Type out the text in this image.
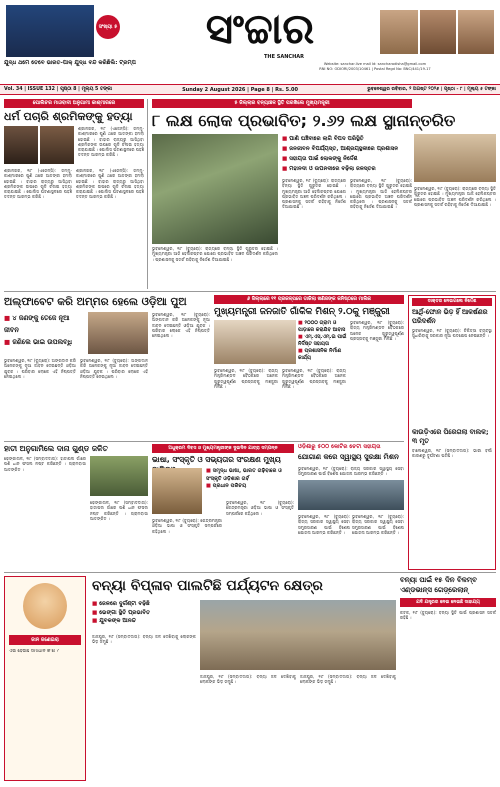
ସଂଖ୍ୟା ୫
ଯୁଦ୍ଧ ଥମେ ତେବେ ଭାରତ-ପାକ୍ ଯୁଦ୍ଧ ବନ୍ଦ କରିଛିଲି: ଟ୍ରମ୍ପ
ସଂଚ୍ଚାର
THE SANCHAR
Website: sanchar.live mail Id: sancharodisha@gmail.com
RNI NO: ODIORI/2003/10461 | Postal Regd No: BNC/441/19-17
Vol. 34 | ISSUE 132 | ପୃଷ୍ଠା 8 | ମୂଲ୍ୟ 5 ଟଙ୍କା	Sunday 2 August 2026 | Page 8 | Rs. 5.00	ଭୁବନେଶ୍ୱର ରବିବାର, ୨ ଅଗଷ୍ଟ ୨୦୨୬ | ପୃଷ୍ଠା - ୮ | ମୂଲ୍ୟ ୫ ଟଙ୍କା
ପୋଲିଚର ମାଓବାଦୀ ଅନୁଗାମୀ କାଶ୍ମୀରରେ
ଧର୍ମ ପଚାରି ଶ୍ରମିକଙ୍କୁ ହତ୍ୟା
ଶ୍ରୀନଗର, ୧ା୮ (ଏଜେନ୍ସି): ଜମ୍ମୁ-କାଶ୍ମୀରରେ ପୁଣି ଥରେ ଆତଙ୍କୀ ହମଲା ହୋଇଛି । ବାହାର ରାଜ୍ୟରୁ ଆସିଥିବା ଶ୍ରମିକଙ୍କ ଉପରେ ଗୁଳି ଚଳାଇ ହତ୍ୟା କରାଯାଇଛି । ପୋଲିସ ଘଟଣାସ୍ଥଳରେ ପହଞ୍ଚି ତଦନ୍ତ ଆରମ୍ଭ କରିଛି ।
ଶ୍ରୀନଗର, ୧ା୮ (ଏଜେନ୍ସି): ଜମ୍ମୁ-କାଶ୍ମୀରରେ ପୁଣି ଥରେ ଆତଙ୍କୀ ହମଲା ହୋଇଛି । ବାହାର ରାଜ୍ୟରୁ ଆସିଥିବା ଶ୍ରମିକଙ୍କ ଉପରେ ଗୁଳି ଚଳାଇ ହତ୍ୟା କରାଯାଇଛି । ପୋଲିସ ଘଟଣାସ୍ଥଳରେ ପହଞ୍ଚି ତଦନ୍ତ ଆରମ୍ଭ କରିଛି ।
ଶ୍ରୀନଗର, ୧ା୮ (ଏଜେନ୍ସି): ଜମ୍ମୁ-କାଶ୍ମୀରରେ ପୁଣି ଥରେ ଆତଙ୍କୀ ହମଲା ହୋଇଛି । ବାହାର ରାଜ୍ୟରୁ ଆସିଥିବା ଶ୍ରମିକଙ୍କ ଉପରେ ଗୁଳି ଚଳାଇ ହତ୍ୟା କରାଯାଇଛି । ପୋଲିସ ଘଟଣାସ୍ଥଳରେ ପହଞ୍ଚି ତଦନ୍ତ ଆରମ୍ଭ କରିଛି ।
୫ ଜିଲ୍ଲାର ବନ୍ୟାଞ୍ଚଳ ସ୍ଥିତି ପରଖିଲେ ମୁଖ୍ୟମନ୍ତ୍ରୀ
୮ ଲକ୍ଷ ଲୋକ ପ୍ରଭାବିତ; ୨.୬୨ ଲକ୍ଷ ସ୍ଥାନାନ୍ତରିତ
■ ପାଣି ଘଞ୍ଚିବାରେ ଲାଗି ବିପଦ ପରିସ୍ଥିତି
■ ଜନଜୀବନ ବିପର୍ଯ୍ୟସ୍ତ, ଆଶ୍ରୟସ୍ଥଳୀରେ ପ୍ରଶାସନ
■ ସହାୟତା ପାଇଁ ଲୋକଙ୍କୁ ନିର୍ଦ୍ଦେଶ
■ ମହାନଦୀ ଓ ଉପନଦୀରେ ବଢ଼ିଲା ଜଳସ୍ତର
ଭୁବନେଶ୍ୱର, ୧ା୮ (ବ୍ୟୁରୋ): ରାଜ୍ୟରେ ବନ୍ୟା ସ୍ଥିତି ଗୁରୁତର ହୋଇଛି । ମୁଖ୍ୟମନ୍ତ୍ରୀ ଆଜି ହେଲିକପ୍ଟର ଯୋଗେ ପ୍ରଭାବିତ ଅଞ୍ଚଳ ପରିଦର୍ଶନ କରିଥିଲେ । ପ୍ରଶାସନକୁ ସତର୍କ ରହିବାକୁ ନିର୍ଦ୍ଦେଶ ଦିଆଯାଇଛି ।
ଭୁବନେଶ୍ୱର, ୧ା୮ (ବ୍ୟୁରୋ): ରାଜ୍ୟରେ ବନ୍ୟା ସ୍ଥିତି ଗୁରୁତର ହୋଇଛି । ମୁଖ୍ୟମନ୍ତ୍ରୀ ଆଜି ହେଲିକପ୍ଟର ଯୋଗେ ପ୍ରଭାବିତ ଅଞ୍ଚଳ ପରିଦର୍ଶନ କରିଥିଲେ । ପ୍ରଶାସନକୁ ସତର୍କ ରହିବାକୁ ନିର୍ଦ୍ଦେଶ ଦିଆଯାଇଛି ।
ଭୁବନେଶ୍ୱର, ୧ା୮ (ବ୍ୟୁରୋ): ରାଜ୍ୟରେ ବନ୍ୟା ସ୍ଥିତି ଗୁରୁତର ହୋଇଛି । ମୁଖ୍ୟମନ୍ତ୍ରୀ ଆଜି ହେଲିକପ୍ଟର ଯୋଗେ ପ୍ରଭାବିତ ଅଞ୍ଚଳ ପରିଦର୍ଶନ କରିଥିଲେ । ପ୍ରଶାସନକୁ ସତର୍କ ରହିବାକୁ ନିର୍ଦ୍ଦେଶ ଦିଆଯାଇଛି ।
ଭୁବନେଶ୍ୱର, ୧ା୮ (ବ୍ୟୁରୋ): ରାଜ୍ୟରେ ବନ୍ୟା ସ୍ଥିତି ଗୁରୁତର ହୋଇଛି । ମୁଖ୍ୟମନ୍ତ୍ରୀ ଆଜି ହେଲିକପ୍ଟର ଯୋଗେ ପ୍ରଭାବିତ ଅଞ୍ଚଳ ପରିଦର୍ଶନ କରିଥିଲେ । ପ୍ରଶାସନକୁ ସତର୍କ ରହିବାକୁ ନିର୍ଦ୍ଦେଶ ଦିଆଯାଇଛି ।
ଅଲ୍ଫାବେଟ କରି ଅମ୍ମର ହେଲେ ଓଡ଼ିଆ ପୁଅ
■ ୪ ଜଣଙ୍କୁ ତେଜେ ନୂଆ ଜୀବନ
■ ଜଣିଲେ ଭାଇ ଉପଲବ୍ଧି
ଭୁବନେଶ୍ୱର, ୧ା୮ (ବ୍ୟୁରୋ): ଅଙ୍ଗଦାନ କରି ଅନେକଙ୍କୁ ନୂଆ ଜୀବନ ଦେଇଛନ୍ତି ଓଡ଼ିଆ ଯୁବକ । ପରିବାର ଲୋକେ ଏହି ନିଷ୍ପତ୍ତି ନେଇଥିଲେ ।
ଭୁବନେଶ୍ୱର, ୧ା୮ (ବ୍ୟୁରୋ): ଅଙ୍ଗଦାନ କରି ଅନେକଙ୍କୁ ନୂଆ ଜୀବନ ଦେଇଛନ୍ତି ଓଡ଼ିଆ ଯୁବକ । ପରିବାର ଲୋକେ ଏହି ନିଷ୍ପତ୍ତି ନେଇଥିଲେ ।
ଭୁବନେଶ୍ୱର, ୧ା୮ (ବ୍ୟୁରୋ): ଅଙ୍ଗଦାନ କରି ଅନେକଙ୍କୁ ନୂଆ ଜୀବନ ଦେଇଛନ୍ତି ଓଡ଼ିଆ ଯୁବକ । ପରିବାର ଲୋକେ ଏହି ନିଷ୍ପତ୍ତି ନେଇଥିଲେ ।
୬ ଜିଲ୍ଲାରେ ୧୧ ପ୍ରକଳ୍ପରେ ଡାକିଲା ଖଣିଜଙ୍କ କନିଷ୍ଠରେ ମାଲିକ
ମୁଖ୍ୟମନ୍ତ୍ରୀ ଜନଜାତି ଗାଁକିକ ମିଶନ୍ ୨.୦କୁ ମଞ୍ଜୁରୀ
■ ୨୦୦୦ ଗ୍ରାମ ଓ ପାଡ଼ାରେ କରାଯିବ ଆବାସ
■ ଏମ୍.ଏସ୍.ଏମ୍.ଇ ପାଇଁ ନିର୍ଦ୍ଦିଷ୍ଟ ସହାୟତା
■ ପ୍ରଶାସନିକ ନିର୍ମାଣ କାର୍ଯ୍ୟ
ଭୁବନେଶ୍ୱର, ୧ା୮ (ବ୍ୟୁରୋ): ରାଜ୍ୟ ମନ୍ତ୍ରିମଣ୍ଡଳ ବୈଠକରେ ଅନେକ ଗୁରୁତ୍ୱପୂର୍ଣ୍ଣ ପ୍ରସ୍ତାବକୁ ମଞ୍ଜୁରୀ ମିଳିଛି ।
ଭୁବନେଶ୍ୱର, ୧ା୮ (ବ୍ୟୁରୋ): ରାଜ୍ୟ ମନ୍ତ୍ରିମଣ୍ଡଳ ବୈଠକରେ ଅନେକ ଗୁରୁତ୍ୱପୂର୍ଣ୍ଣ ପ୍ରସ୍ତାବକୁ ମଞ୍ଜୁରୀ ମିଳିଛି ।
ଭୁବନେଶ୍ୱର, ୧ା୮ (ବ୍ୟୁରୋ): ରାଜ୍ୟ ମନ୍ତ୍ରିମଣ୍ଡଳ ବୈଠକରେ ଅନେକ ଗୁରୁତ୍ୱପୂର୍ଣ୍ଣ ପ୍ରସ୍ତାବକୁ ମଞ୍ଜୁରୀ ମିଳିଛି ।
ଡାକ୍ତର ନେଇଗଲେ ନିର୍ଦ୍ଦେଶ
ଆର୍ଥି-ଫୋନ ଭିଡ଼ ହିଁ ଆକର୍ଷଣର ପରିଦର୍ଶନ
ଭୁବନେଶ୍ୱର, ୧ା୮ (ବ୍ୟୁରୋ): ଚିକିତ୍ସା ବ୍ୟବସ୍ଥା ସୁଧାରିବାକୁ ସରକାର ନୂଆ ପଦକ୍ଷେପ ନେଇଛନ୍ତି ।
କାଉଡ଼ିଏରେ ପିରେଗଲା ବାଲକ; ୩ ମୃତ
ବାଲେଶ୍ୱର, ୧ା୮ (ସମ୍ବାଦଦାତା): ଭାରୀ ବର୍ଷା କାରଣରୁ ଦୁର୍ଘଟଣା ଘଟିଛି ।
ହାତୀ ଅନୁଗାମିଲେ ଦାନା ଗୁଣ୍ଡ ଜଳିତ
ଢେଙ୍କାନାଳ, ୧ା୮ (ସମ୍ବାଦଦାତା): ହାତୀପଲ ଗାଁରେ ପଶି ଧାନ ଫସଲ ନଷ୍ଟ କରିଛନ୍ତି । ଗ୍ରାମବାସୀ ଆତଙ୍କିତ ।
ଢେଙ୍କାନାଳ, ୧ା୮ (ସମ୍ବାଦଦାତା): ହାତୀପଲ ଗାଁରେ ପଶି ଧାନ ଫସଲ ନଷ୍ଟ କରିଛନ୍ତି । ଗ୍ରାମବାସୀ ଆତଙ୍କିତ ।
ଅଧୁକ୍ରମ ଦିବସ ଓ ମୁଖ୍ୟମନ୍ତ୍ରୀଙ୍କ ଦୁଇଦିନ ଯାତ୍ରା ସମ୍ପନ୍ନ
ଭାଷା, ସଂସ୍କୃତି ଓ ସଭ୍ୟତାର ସଂରକ୍ଷଣ ମୁଖ୍ୟ
■ ସମୃଦ୍ଧ ଭାଷା, ଭାରତ ଗଢ଼ିବାରେ ଓ ସଂସ୍କୃତି ଓଡ଼ିଶାର ଗର୍ବ
■ ପ୍ରଧାନ ପରିଚୟ
ଭୁବନେଶ୍ୱର, ୧ା୮ (ବ୍ୟୁରୋ): କେନ୍ଦ୍ରମନ୍ତ୍ରୀ ଓଡ଼ିଆ ଭାଷା ଓ ସଂସ୍କୃତି ସମ୍ପର୍କରେ କହିଥିଲେ ।
ଭୁବନେଶ୍ୱର, ୧ା୮ (ବ୍ୟୁରୋ): କେନ୍ଦ୍ରମନ୍ତ୍ରୀ ଓଡ଼ିଆ ଭାଷା ଓ ସଂସ୍କୃତି ସମ୍ପର୍କରେ କହିଥିଲେ ।
ଓଡ଼ିଶାରୁ ୫୦୦ କୋଟିର ଚେଟା ସହାୟତା
ଯୋଗାଣ କରେ ସ୍ୱାସ୍ଥ୍ୟ ସୁରକ୍ଷା ମିଶନ
ଭୁବନେଶ୍ୱର, ୧ା୮ (ବ୍ୟୁରୋ): ରାଜ୍ୟ ସରକାର ସ୍ୱାସ୍ଥ୍ୟ ସେବା ସମ୍ପ୍ରସାରଣ ପାଇଁ ବିଶେଷ ଯୋଜନା ଆରମ୍ଭ କରିଛନ୍ତି ।
ଭୁବନେଶ୍ୱର, ୧ା୮ (ବ୍ୟୁରୋ): ରାଜ୍ୟ ସରକାର ସ୍ୱାସ୍ଥ୍ୟ ସେବା ସମ୍ପ୍ରସାରଣ ପାଇଁ ବିଶେଷ ଯୋଜନା ଆରମ୍ଭ କରିଛନ୍ତି ।
ଭୁବନେଶ୍ୱର, ୧ା୮ (ବ୍ୟୁରୋ): ରାଜ୍ୟ ସରକାର ସ୍ୱାସ୍ଥ୍ୟ ସେବା ସମ୍ପ୍ରସାରଣ ପାଇଁ ବିଶେଷ ଯୋଜନା ଆରମ୍ଭ କରିଛନ୍ତି ।
ଜାନ ଜଣେଇରା
ଏଇ ହେଉଛି ସମାଧାନ କ'ଣ ?
ବନ୍ୟା ବିପ୍ଳାବ ପାଲଟିଛି ପର୍ଯ୍ୟଟନ କ୍ଷେତ୍ର
■ ଜେଳରେ ଦୁର୍ଗଣ୍ଟା ବଢ଼ିଛି
■ ଭେଙ୍ଗା ସ୍ଥିତି ପ୍ରଭାବିତ
■ ଯୁବକଙ୍କ ଆନନ୍ଦ
ଜାଜପୁର, ୧ା୮ (ସମ୍ବାଦଦାତା): ବନ୍ୟା ଜଳ ଦେଖିବାକୁ ଲୋକଙ୍କ ଭିଡ଼ ଜମୁଛି ।
ଜାଜପୁର, ୧ା୮ (ସମ୍ବାଦଦାତା): ବନ୍ୟା ଜଳ ଦେଖିବାକୁ ଲୋକଙ୍କ ଭିଡ଼ ଜମୁଛି ।
ଜାଜପୁର, ୧ା୮ (ସମ୍ବାଦଦାତା): ବନ୍ୟା ଜଳ ଦେଖିବାକୁ ଲୋକଙ୍କ ଭିଡ଼ ଜମୁଛି ।
ବନ୍ୟା ପାଇଁ ୧୫ ଦିନ ବିଳମ୍ବ ଏଣ୍ଡଭାନ୍ସ ଗେଡ଼୍ରେଲାନ୍
ଯଦି ଯନ୍ତ୍ରର ନେଇ ନେଇଛି ସାହାଯ୍ୟ
କଟକ, ୧ା୮ (ବ୍ୟୁରୋ): ବନ୍ୟା ସ୍ଥିତି ପାଇଁ ପ୍ରଶାସନ ସତର୍କ ରହିଛି ।
